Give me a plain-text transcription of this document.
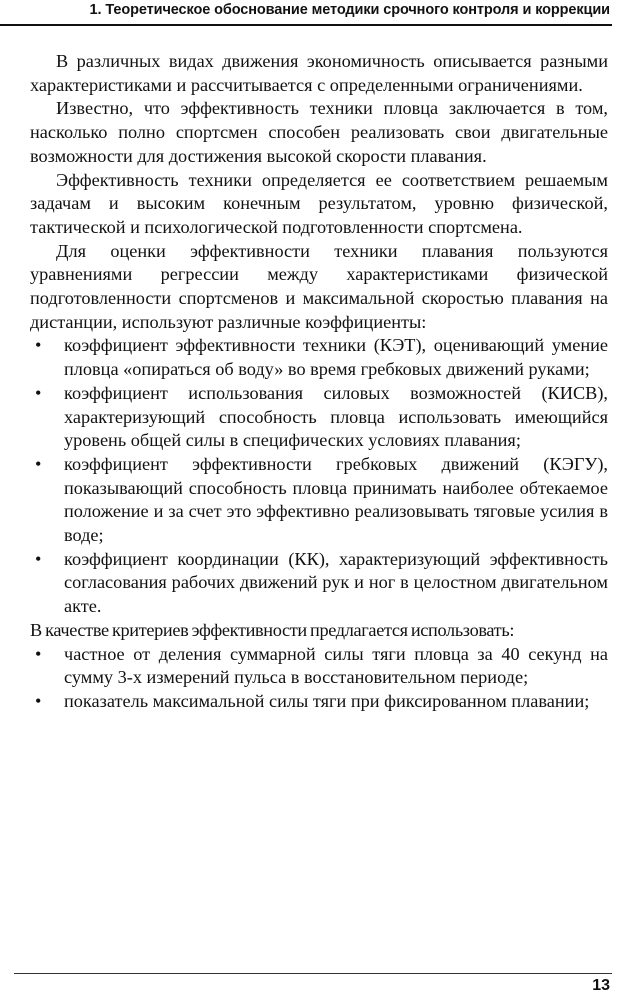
1. Теоретическое обоснование методики срочного контроля и коррекции

В различных видах движения экономичность описывается разными характеристиками и рассчитывается с определенными ограничениями.

Известно, что эффективность техники пловца заключается в том, насколько полно спортсмен способен реализовать свои двигательные возможности для достижения высокой скорости плавания.

Эффективность техники определяется ее соответствием решаемым задачам и высоким конечным результатом, уровню физической, тактической и психологической подготовленности спортсмена.

Для оценки эффективности техники плавания пользуются уравнениями регрессии между характеристиками физической подготовленности спортсменов и максимальной скоростью плавания на дистанции, используют различные коэффициенты:

• коэффициент эффективности техники (КЭТ), оценивающий умение пловца «опираться об воду» во время гребковых движений руками;
• коэффициент использования силовых возможностей (КИСВ), характеризующий способность пловца использовать имеющийся уровень общей силы в специфических условиях плавания;
• коэффициент эффективности гребковых движений (КЭГУ), показывающий способность пловца принимать наиболее обтекаемое положение и за счет это эффективно реализовывать тяговые усилия в воде;
• коэффициент координации (КК), характеризующий эффективность согласования рабочих движений рук и ног в целостном двигательном акте.

В качестве критериев эффективности предлагается использовать:

• частное от деления суммарной силы тяги пловца за 40 секунд на сумму 3-х измерений пульса в восстановительном периоде;
• показатель максимальной силы тяги при фиксированном плавании;
13
